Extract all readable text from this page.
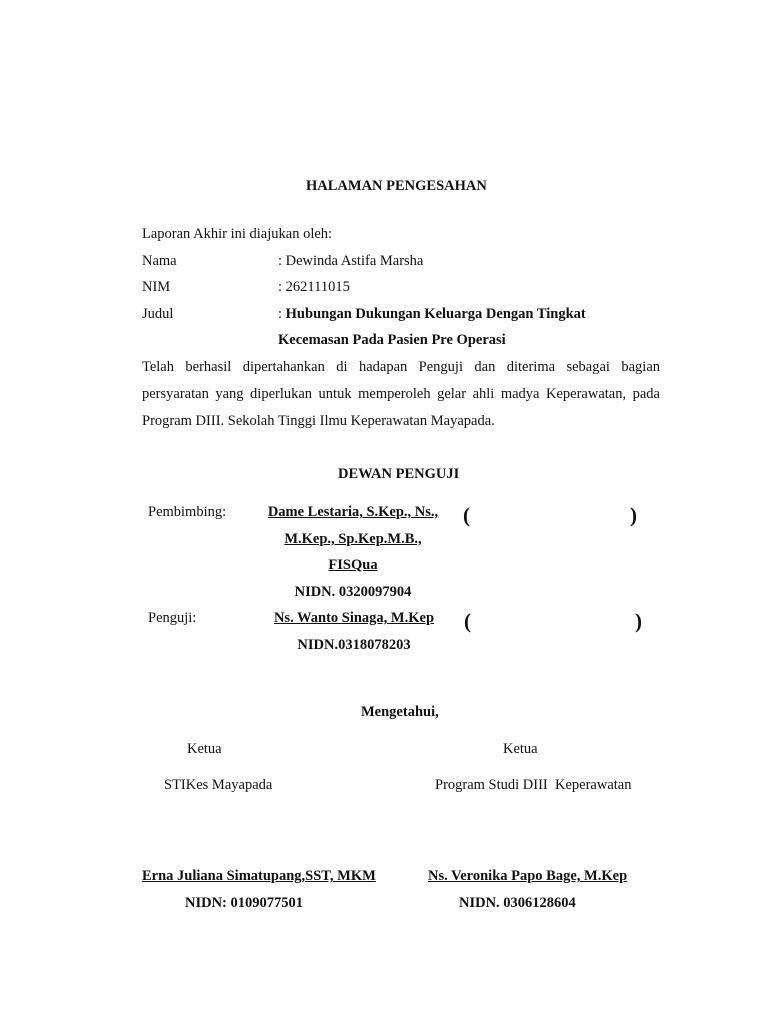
HALAMAN PENGESAHAN
Laporan Akhir ini diajukan oleh:
Nama	: Dewinda Astifa Marsha
NIM	: 262111015
Judul	: Hubungan Dukungan Keluarga Dengan Tingkat
Kecemasan Pada Pasien Pre Operasi
Telah berhasil dipertahankan di hadapan Penguji dan diterima sebagai bagian
persyaratan yang diperlukan untuk memperoleh gelar ahli madya Keperawatan, pada
Program DIII. Sekolah Tinggi Ilmu Keperawatan Mayapada.
DEWAN PENGUJI
Pembimbing:	Dame Lestaria, S.Kep., Ns.,
M.Kep., Sp.Kep.M.B.,
FISQua
NIDN. 0320097904
(	)
Penguji:	Ns. Wanto Sinaga, M.Kep
NIDN.0318078203
(	)
Mengetahui,
Ketua
STIKes Mayapada
Erna Juliana Simatupang,SST, MKM
NIDN: 0109077501
Ketua
Program Studi DIII  Keperawatan
Ns. Veronika Papo Bage, M.Kep
NIDN. 0306128604
